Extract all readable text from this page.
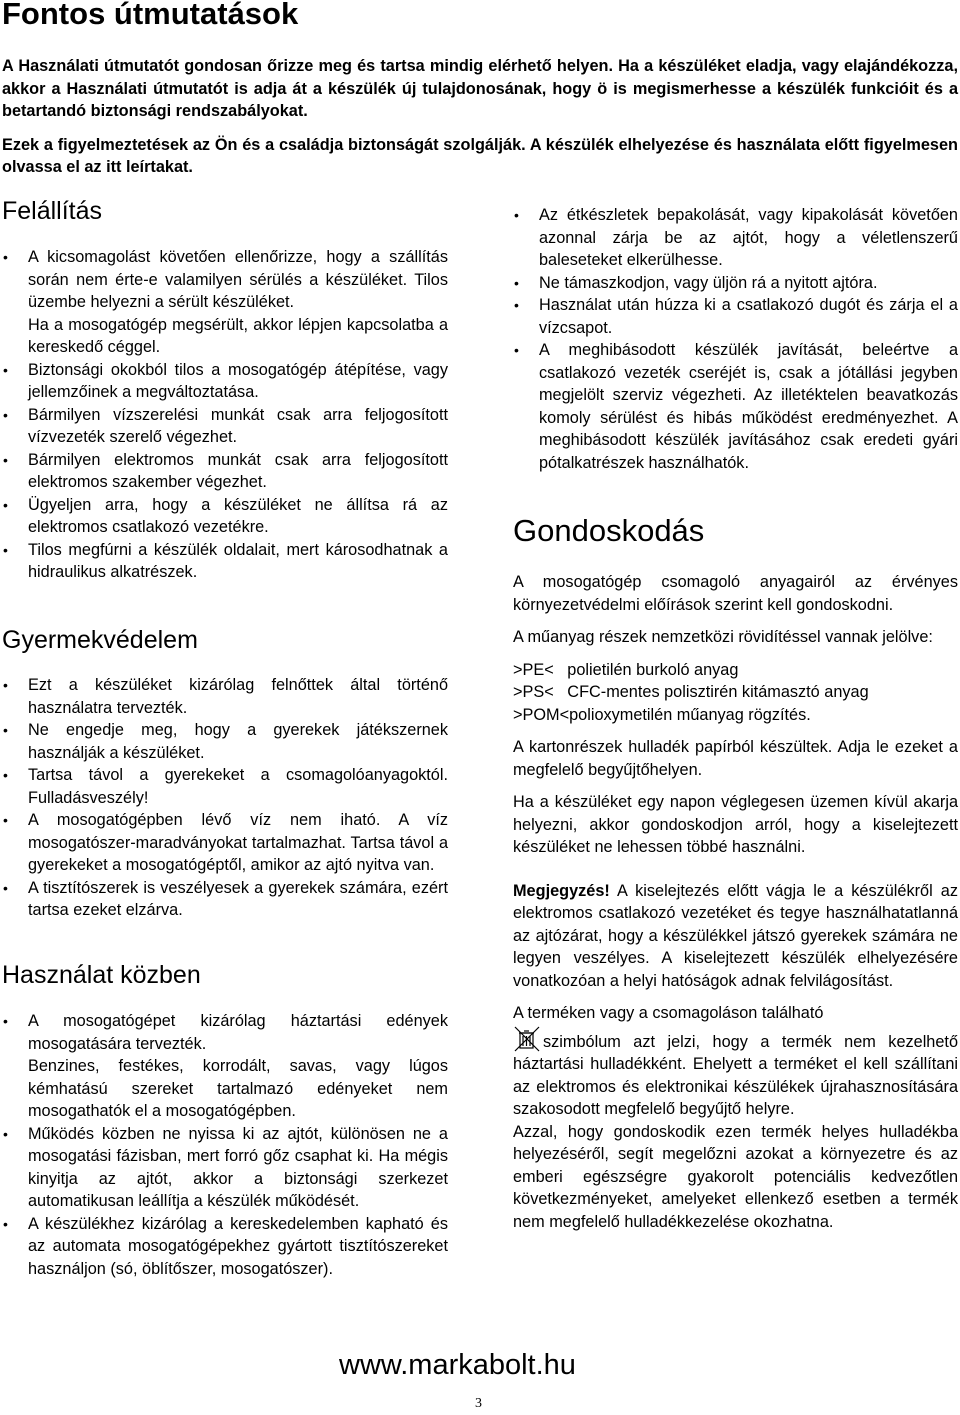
Fontos útmutatások

A Használati útmutatót gondosan őrizze meg és tartsa mindig elérhető helyen. Ha a készüléket eladja, vagy elajándékozza, akkor a Használati útmutatót is adja át a készülék új tulajdonosának, hogy ö is megismerhesse a készülék funkcióit és a betartandó biztonsági rendszabályokat.

Ezek a figyelmeztetések az Ön és a családja biztonságát szolgálják. A készülék elhelyezése és használata előtt figyelmesen olvassa el az itt leírtakat.

Felállítás
• A kicsomagolást követően ellenőrizze, hogy a szállítás során nem érte-e valamilyen sérülés a készüléket. Tilos üzembe helyezni a sérült készüléket.
Ha a mosogatógép megsérült, akkor lépjen kapcsolatba a kereskedő céggel.
• Biztonsági okokból tilos a mosogatógép átépítése, vagy jellemzőinek a megváltoztatása.
• Bármilyen vízszerelési munkát csak arra feljogosított vízvezeték szerelő végezhet.
• Bármilyen elektromos munkát csak arra feljogosított elektromos szakember végezhet.
• Ügyeljen arra, hogy a készüléket ne állítsa rá az elektromos csatlakozó vezetékre.
• Tilos megfúrni a készülék oldalait, mert károsodhatnak a hidraulikus alkatrészek.
Gyermekvédelem
• Ezt a készüléket kizárólag felnőttek által történő használatra tervezték.
• Ne engedje meg, hogy a gyerekek játékszernek használják a készüléket.
• Tartsa távol a gyerekeket a csomagolóanyagoktól. Fulladásveszély!
• A mosogatógépben lévő víz nem iható. A víz mosogatószer-maradványokat tartalmazhat. Tartsa távol a gyerekeket a mosogatógéptől, amikor az ajtó nyitva van.
• A tisztítószerek is veszélyesek a gyerekek számára, ezért tartsa ezeket elzárva.
Használat közben
• A mosogatógépet kizárólag háztartási edények mosogatására tervezték.
Benzines, festékes, korrodált, savas, vagy lúgos kémhatású szereket tartalmazó edényeket nem mosogathatók el a mosogatógépben.
• Működés közben ne nyissa ki az ajtót, különösen ne a mosogatási fázisban, mert forró gőz csaphat ki. Ha mégis kinyitja az ajtót, akkor a biztonsági szerkezet automatikusan leállítja a készülék működését.
• A készülékhez kizárólag a kereskedelemben kapható és az automata mosogatógépekhez gyártott tisztítószereket használjon (só, öblítőszer, mosogatószer).
• Az étkészletek bepakolását, vagy kipakolását követően azonnal zárja be az ajtót, hogy a véletlenszerű baleseteket elkerülhesse.
• Ne támaszkodjon, vagy üljön rá a nyitott ajtóra.
• Használat után húzza ki a csatlakozó dugót és zárja el a vízcsapot.
• A meghibásodott készülék javítását, beleértve a csatlakozó vezeték cseréjét is, csak a jótállási jegyben megjelölt szerviz végezheti. Az illetéktelen beavatkozás komoly sérülést és hibás működést eredményezhet. A meghibásodott készülék javításához csak eredeti gyári pótalkatrészek használhatók.
Gondoskodás

A mosogatógép csomagoló anyagairól az érvényes környezetvédelmi előírások szerint kell gondoskodni.

A műanyag részek nemzetközi rövidítéssel vannak jelölve:

>PE<   polietilén burkoló anyag

>PS<   CFC-mentes polisztirén kitámasztó anyag

>POM<polioxymetilén műanyag rögzítés.

A kartonrészek hulladék papírból készültek. Adja le ezeket a megfelelő begyűjtőhelyen.

Ha a készüléket egy napon véglegesen üzemen kívül akarja helyezni, akkor gondoskodjon arról, hogy a kiselejtezett készüléket ne lehessen többé használni.

Megjegyzés! A kiselejtezés előtt vágja le a készülékről az elektromos csatlakozó vezetéket és tegye használhatatlanná az ajtózárat, hogy a készülékkel játszó gyerekek számára ne legyen veszélyes. A kiselejtezett készülék elhelyezésére vonatkozóan a helyi hatóságok adnak felvilágosítást.

A terméken vagy a csomagoláson található

szimbólum azt jelzi, hogy a termék nem kezelhető háztartási hulladékként. Ehelyett a terméket el kell szállítani az elektromos és elektronikai készülékek újrahasznosítására szakosodott megfelelő begyűjtő helyre.

Azzal, hogy gondoskodik ezen termék helyes hulladékba helyezéséről, segít megelőzni azokat a környezetre és az emberi egészségre gyakorolt potenciális kedvezőtlen következményeket, amelyeket ellenkező esetben a termék nem megfelelő hulladékkezelése okozhatna.

www.markabolt.hu
3
